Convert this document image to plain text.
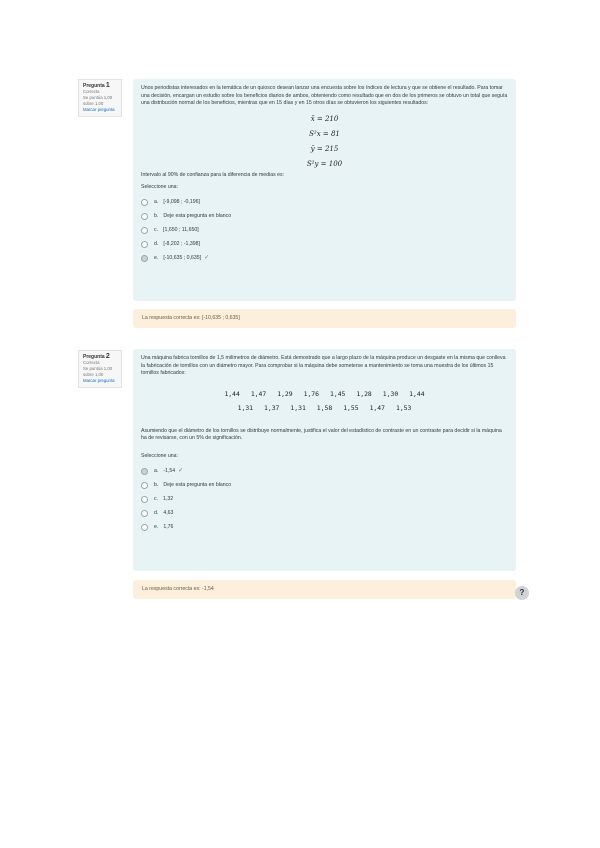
Pregunta 1
Correcta
Se puntúa 1,00 sobre 1,00
Marcar pregunta

Unos periodistas interesados en la temática de un quiosco desean lanzar una encuesta sobre los índices de lectura y que se obtiene el resultado. Para tomar una decisión, encargan un estudio sobre los beneficios diarios de ambos, obteniendo como resultado que en dos de los primeros se obtuvo un total que seguía una distribución normal de los beneficios, mientras que en 15 días y en 15 otros días se obtuvieron los siguientes resultados:

x̄ = 210
S²x = 81
ȳ = 215
S²y = 100

Intervalo al 90% de confianza para la diferencia de medias es:

Seleccione una:
a. [-9,098 ; -0,196]
b. Deje esta pregunta en blanco
c. [1,650 ; 11,650]
d. [-8,202 ; -1,398]
e. [-10,635 ; 0,635] ✓
La respuesta correcta es: [-10,635 ; 0,635]
Pregunta 2
Correcta
Se puntúa 1,00 sobre 1,00
Marcar pregunta

Una máquina fabrica tornillos de 1,5 milímetros de diámetro. Está demostrado que a largo plazo de la máquina produce un desgaste en la misma que conlleva la fabricación de tornillos con un diámetro mayor. Para comprobar si la máquina debe someterse a mantenimiento se toma una muestra de los últimos 15 tornillos fabricados:

1,44 1,47 1,29 1,76 1,45 1,28 1,30 1,44
1,31 1,37 1,31 1,58 1,55 1,47 1,53

Asumiendo que el diámetro de los tornillos se distribuye normalmente, justifica el valor del estadístico de contraste en un contraste para decidir si la máquina ha de revisarse, con un 5% de significación.

Seleccione una:
a. -1,54 ✓
b. Deje esta pregunta en blanco
c. 1,32
d. 4,63
e. 1,76
La respuesta correcta es: -1,54	?
